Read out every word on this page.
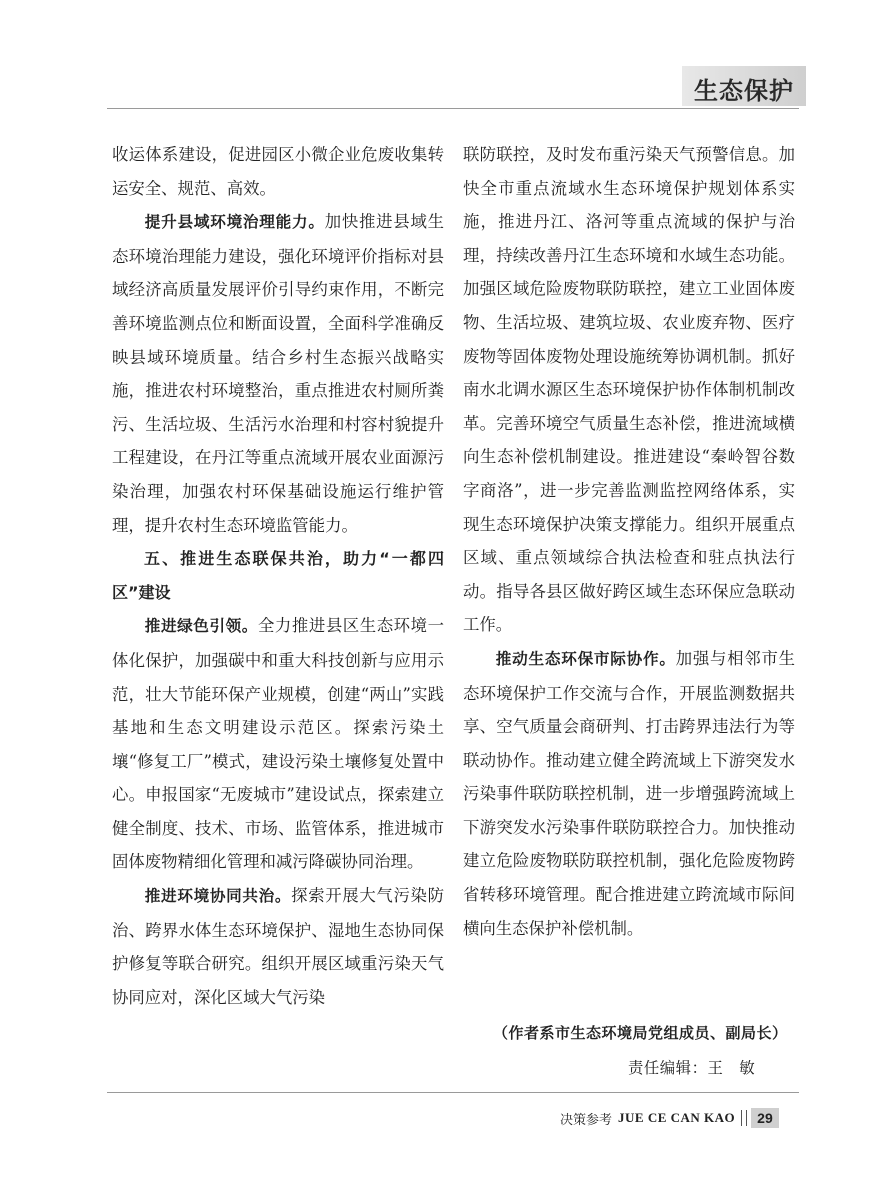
生态保护

收运体系建设，促进园区小微企业危废收集转运安全、规范、高效。

提升县域环境治理能力。加快推进县域生态环境治理能力建设，强化环境评价指标对县域经济高质量发展评价引导约束作用，不断完善环境监测点位和断面设置，全面科学准确反映县域环境质量。结合乡村生态振兴战略实施，推进农村环境整治，重点推进农村厕所粪污、生活垃圾、生活污水治理和村容村貌提升工程建设，在丹江等重点流域开展农业面源污染治理，加强农村环保基础设施运行维护管理，提升农村生态环境监管能力。

五、推进生态联保共治，助力“一都四区”建设

推进绿色引领。全力推进县区生态环境一体化保护，加强碳中和重大科技创新与应用示范，壮大节能环保产业规模，创建“两山”实践基地和生态文明建设示范区。探索污染土壤“修复工厂”模式，建设污染土壤修复处置中心。申报国家“无废城市”建设试点，探索建立健全制度、技术、市场、监管体系，推进城市固体废物精细化管理和减污降碳协同治理。

推进环境协同共治。探索开展大气污染防治、跨界水体生态环境保护、湿地生态协同保护修复等联合研究。组织开展区域重污染天气协同应对，深化区域大气污染

联防联控，及时发布重污染天气预警信息。加快全市重点流域水生态环境保护规划体系实施，推进丹江、洛河等重点流域的保护与治理，持续改善丹江生态环境和水域生态功能。加强区域危险废物联防联控，建立工业固体废物、生活垃圾、建筑垃圾、农业废弃物、医疗废物等固体废物处理设施统筹协调机制。抓好南水北调水源区生态环境保护协作体制机制改革。完善环境空气质量生态补偿，推进流域横向生态补偿机制建设。推进建设“秦岭智谷数字商洛”，进一步完善监测监控网络体系，实现生态环境保护决策支撑能力。组织开展重点区域、重点领域综合执法检查和驻点执法行动。指导各县区做好跨区域生态环保应急联动工作。

推动生态环保市际协作。加强与相邻市生态环境保护工作交流与合作，开展监测数据共享、空气质量会商研判、打击跨界违法行为等联动协作。推动建立健全跨流域上下游突发水污染事件联防联控机制，进一步增强跨流域上下游突发水污染事件联防联控合力。加快推动建立危险废物联防联控机制，强化危险废物跨省转移环境管理。配合推进建立跨流域市际间横向生态保护补偿机制。

（作者系市生态环境局党组成员、副局长）
责任编辑：王　敏
决策参考 JUE CE CAN KAO	29
